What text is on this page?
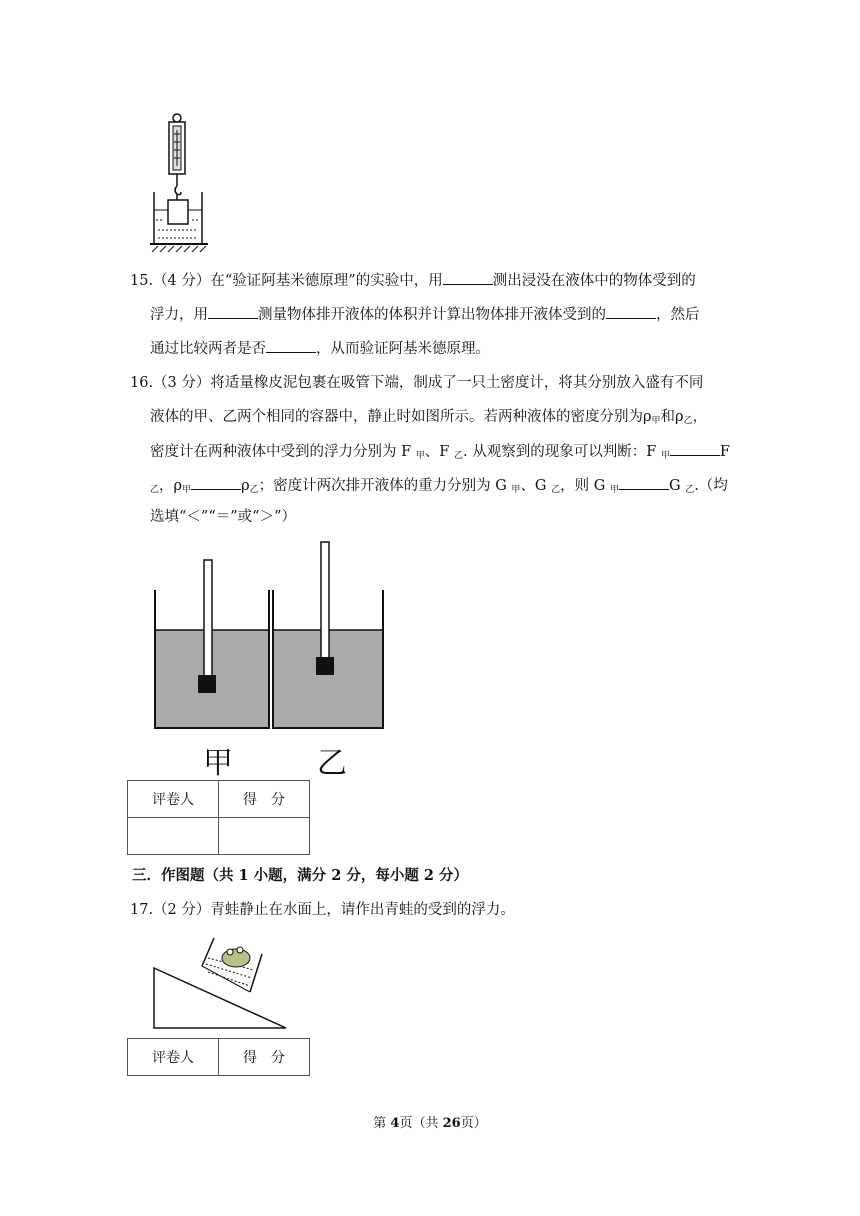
15.（4 分）在“验证阿基米德原理”的实验中，用	测出浸没在液体中的物体受到的
浮力，用	测量物体排开液体的体积并计算出物体排开液体受到的	，然后
通过比较两者是否	，从而验证阿基米德原理。
16.（3 分）将适量橡皮泥包裹在吸管下端，制成了一只土密度计，将其分别放入盛有不同
液体的甲、乙两个相同的容器中，静止时如图所示。若两种液体的密度分别为$\rho_甲$和$\rho_乙$，
密度计在两种液体中受到的浮力分别为 F $_甲$、F $_乙$. 从观察到的现象可以判断：F $_甲$	F
$_乙$，$\rho_甲$	$\rho_乙$；密度计两次排开液体的重力分别为 G $_甲$、G $_乙$，则 G $_甲$	G $_乙$.（均
选填“＜”“＝”或“＞”）
甲	乙
评卷人	得　分

三．作图题（共 1 小题，满分 2 分，每小题 2 分）
17.（2 分）青蛙静止在水面上，请作出青蛙的受到的浮力。
评卷人	得　分
第 4页（共 26页）
